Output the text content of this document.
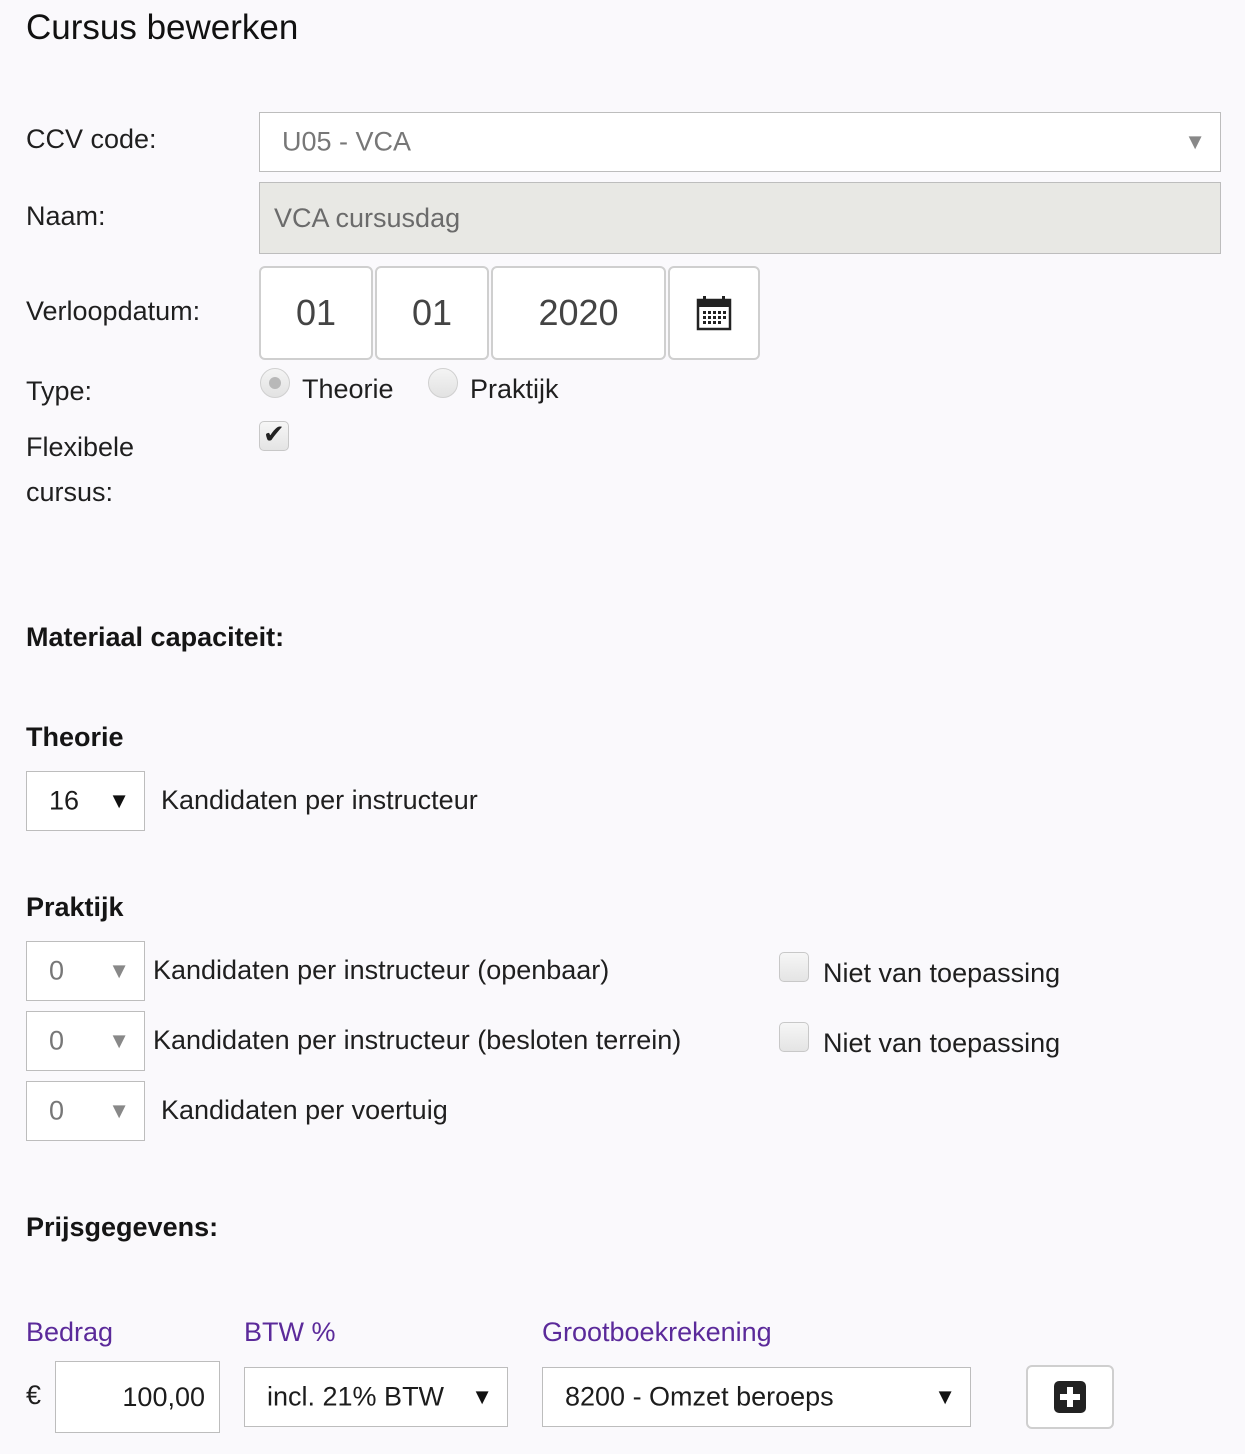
Cursus bewerken
CCV code:	U05 - VCA	▼
Naam:	VCA cursusdag
Verloopdatum:	01	01	2020
Type:	Theorie	Praktijk
Flexibele
cursus:
✔
Materiaal capaciteit:
Theorie
16 ▼ Kandidaten per instructeur
Praktijk
0 ▼ Kandidaten per instructeur (openbaar)	Niet van toepassing
0 ▼ Kandidaten per instructeur (besloten terrein)	Niet van toepassing
0 ▼ Kandidaten per voertuig
Prijsgegevens:
Bedrag	BTW %	Grootboekrekening
€	100,00	incl. 21% BTW ▼	8200 - Omzet beroeps	▼
